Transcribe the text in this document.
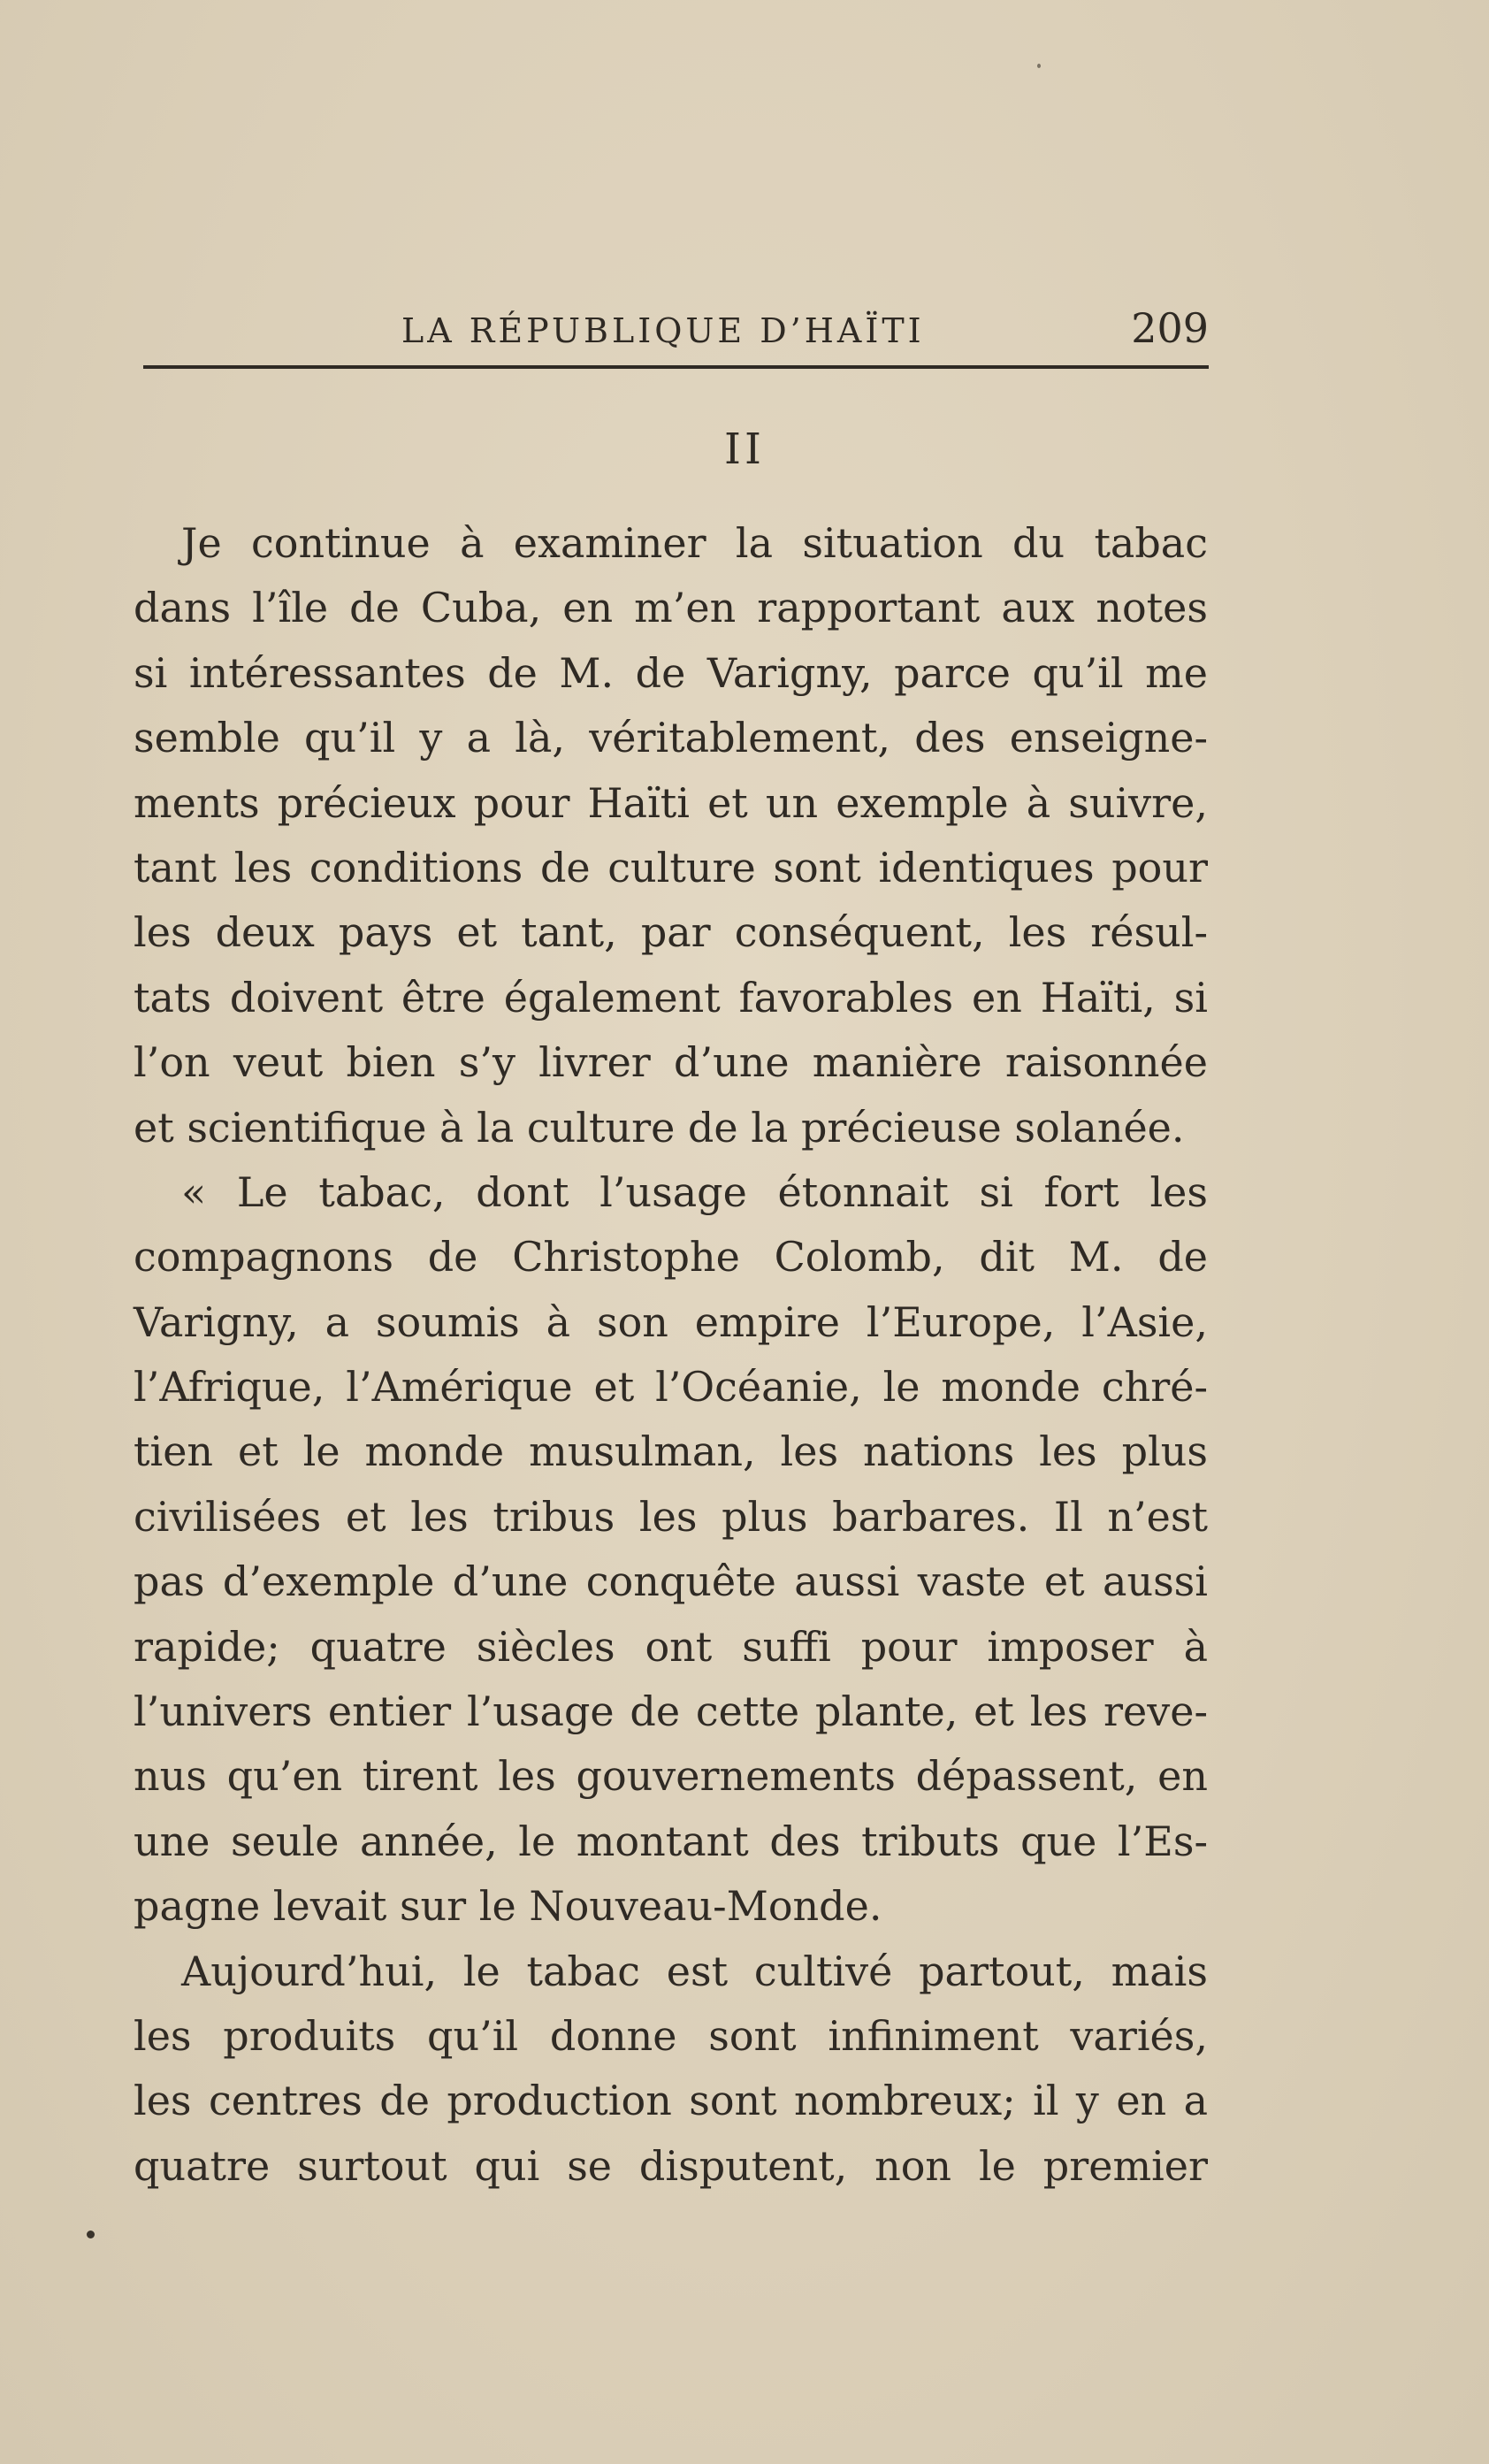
LA RÉPUBLIQUE D’HAÏTI	209
II
Je continue à examiner la situation du tabac
dans l’île de Cuba, en m’en rapportant aux notes
si intéressantes de M. de Varigny, parce qu’il me
semble qu’il y a là, véritablement, des enseigne-
ments précieux pour Haïti et un exemple à suivre,
tant les conditions de culture sont identiques pour
les deux pays et tant, par conséquent, les résul-
tats doivent être également favorables en Haïti, si
l’on veut bien s’y livrer d’une manière raisonnée
et scientifique à la culture de la précieuse solanée.
« Le tabac, dont l’usage étonnait si fort les
compagnons de Christophe Colomb, dit M. de
Varigny, a soumis à son empire l’Europe, l’Asie,
l’Afrique, l’Amérique et l’Océanie, le monde chré-
tien et le monde musulman, les nations les plus
civilisées et les tribus les plus barbares. Il n’est
pas d’exemple d’une conquête aussi vaste et aussi
rapide; quatre siècles ont suffi pour imposer à
l’univers entier l’usage de cette plante, et les reve-
nus qu’en tirent les gouvernements dépassent, en
une seule année, le montant des tributs que l’Es-
pagne levait sur le Nouveau-Monde.
Aujourd’hui, le tabac est cultivé partout, mais
les produits qu’il donne sont infiniment variés,
les centres de production sont nombreux; il y en a
quatre surtout qui se disputent, non le premier
